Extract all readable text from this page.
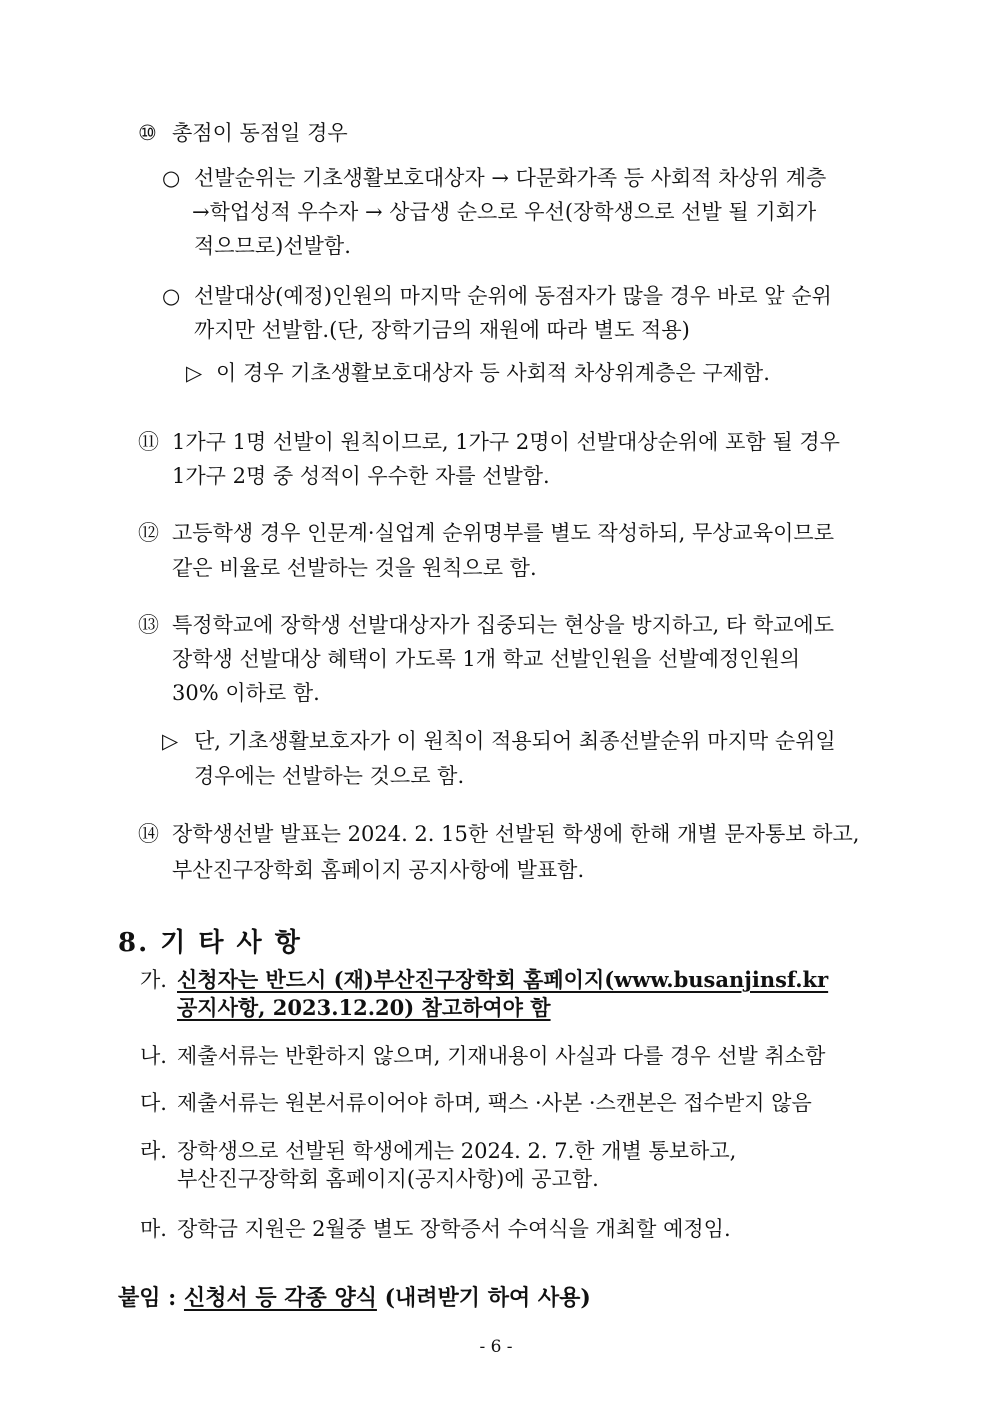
⑩ 총점이 동점일 경우
○ 선발순위는 기초생활보호대상자 → 다문화가족 등 사회적 차상위 계층
→학업성적 우수자 → 상급생 순으로 우선(장학생으로 선발 될 기회가
적으므로)선발함.
○ 선발대상(예정)인원의 마지막 순위에 동점자가 많을 경우 바로 앞 순위
까지만 선발함.(단, 장학기금의 재원에 따라 별도 적용)
▷ 이 경우 기초생활보호대상자 등 사회적 차상위계층은 구제함.
⑪ 1가구 1명 선발이 원칙이므로, 1가구 2명이 선발대상순위에 포함 될 경우
1가구 2명 중 성적이 우수한 자를 선발함.
⑫ 고등학생 경우 인문계·실업계 순위명부를 별도 작성하되, 무상교육이므로
같은 비율로 선발하는 것을 원칙으로 함.
⑬ 특정학교에 장학생 선발대상자가 집중되는 현상을 방지하고, 타 학교에도
장학생 선발대상 혜택이 가도록 1개 학교 선발인원을 선발예정인원의
30% 이하로 함.
▷ 단, 기초생활보호자가 이 원칙이 적용되어 최종선발순위 마지막 순위일
경우에는 선발하는 것으로 함.
⑭ 장학생선발 발표는 2024. 2. 15한 선발된 학생에 한해 개별 문자통보 하고,
부산진구장학회 홈페이지 공지사항에 발표함.
8. 기 타 사 항
가. 신청자는 반드시 (재)부산진구장학회 홈페이지(www.busanjinsf.kr
공지사항, 2023.12.20) 참고하여야 함
나. 제출서류는 반환하지 않으며, 기재내용이 사실과 다를 경우 선발 취소함
다. 제출서류는 원본서류이어야 하며, 팩스 ·사본 ·스캔본은 접수받지 않음
라. 장학생으로 선발된 학생에게는 2024. 2. 7.한 개별 통보하고,
부산진구장학회 홈페이지(공지사항)에 공고함.
마. 장학금 지원은 2월중 별도 장학증서 수여식을 개최할 예정임.
붙임 : 신청서 등 각종 양식 (내려받기 하여 사용)
- 6 -
